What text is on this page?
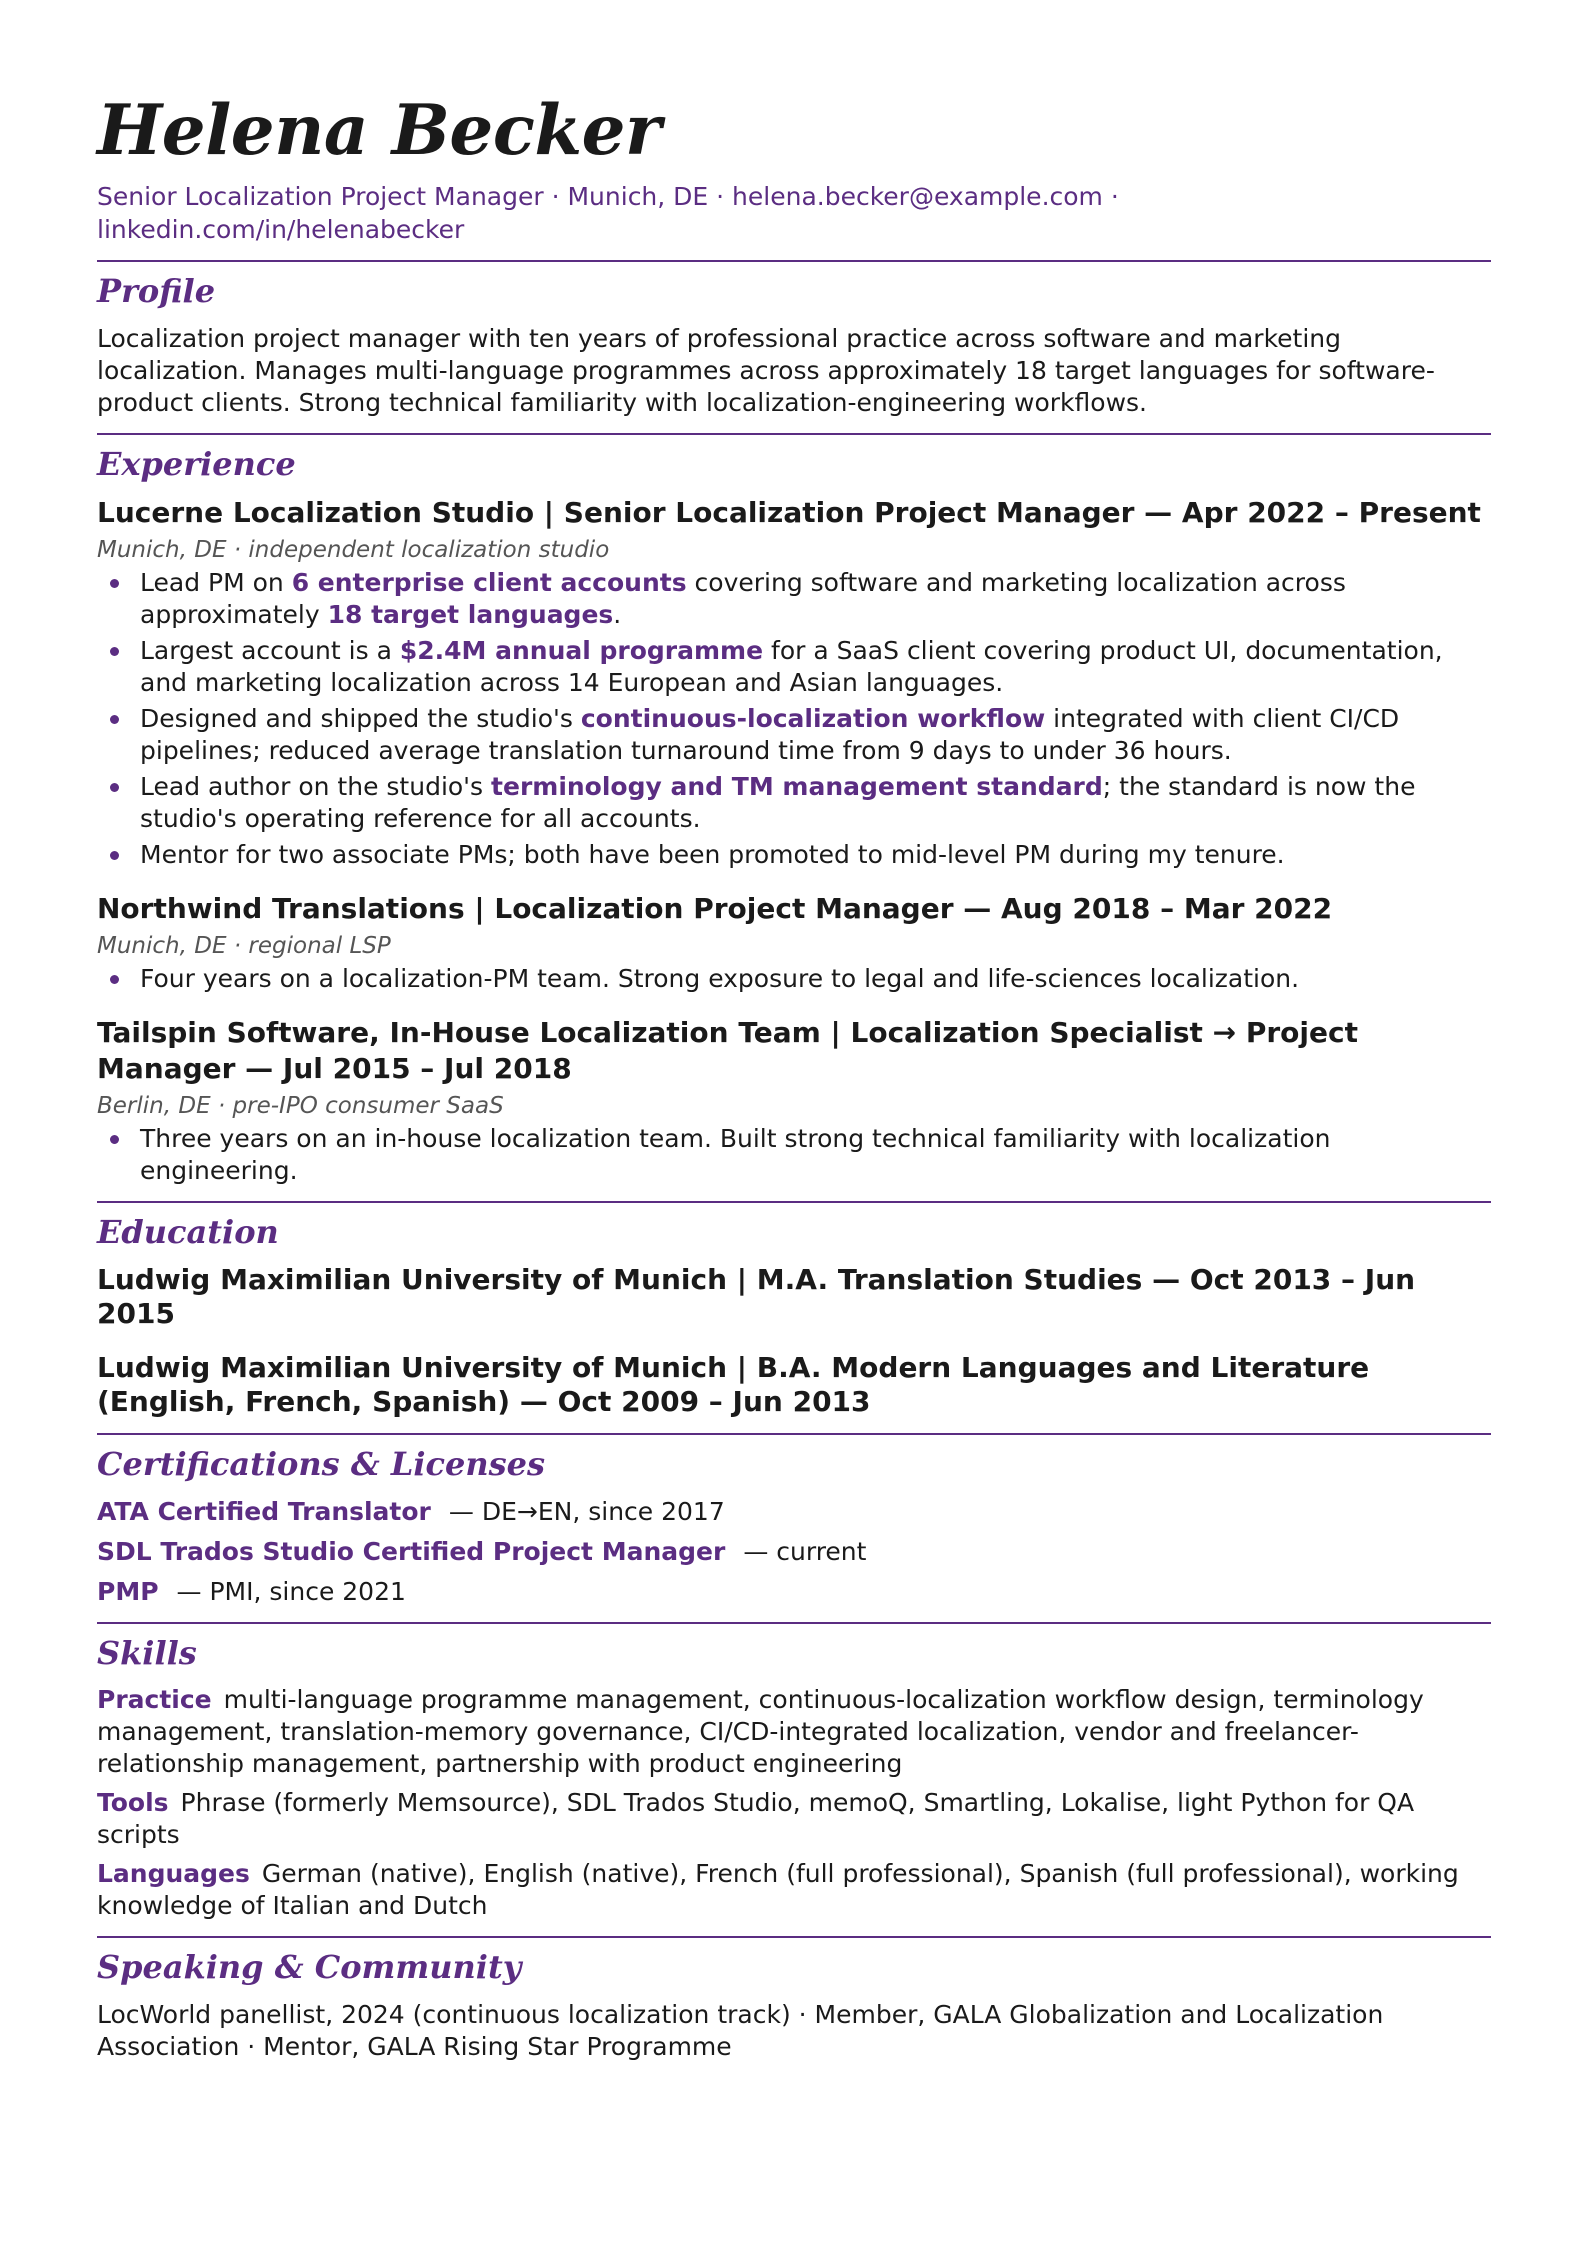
Helena Becker
Senior Localization Project Manager · Munich, DE · helena.becker@example.com · linkedin.com/in/helenabecker
Profile

Localization project manager with ten years of professional practice across software and marketing localization. Manages multi-language programmes across approximately 18 target languages for software-product clients. Strong technical familiarity with localization-engineering workflows.

Experience
Lucerne Localization Studio | Senior Localization Project Manager — Apr 2022 – Present
Munich, DE · independent localization studio
Lead PM on 6 enterprise client accounts covering software and marketing localization across approximately 18 target languages.
Largest account is a $2.4M annual programme for a SaaS client covering product UI, documentation, and marketing localization across 14 European and Asian languages.
Designed and shipped the studio's continuous-localization workflow integrated with client CI/CD pipelines; reduced average translation turnaround time from 9 days to under 36 hours.
Lead author on the studio's terminology and TM management standard; the standard is now the studio's operating reference for all accounts.
Mentor for two associate PMs; both have been promoted to mid-level PM during my tenure.
Northwind Translations | Localization Project Manager — Aug 2018 – Mar 2022
Munich, DE · regional LSP
Four years on a localization-PM team. Strong exposure to legal and life-sciences localization.
Tailspin Software, In-House Localization Team | Localization Specialist → Project Manager — Jul 2015 – Jul 2018
Berlin, DE · pre-IPO consumer SaaS
Three years on an in-house localization team. Built strong technical familiarity with localization engineering.
Education
Ludwig Maximilian University of Munich | M.A. Translation Studies — Oct 2013 – Jun 2015
Ludwig Maximilian University of Munich | B.A. Modern Languages and Literature (English, French, Spanish) — Oct 2009 – Jun 2013
Certifications & Licenses
ATA Certified Translator — DE→EN, since 2017
SDL Trados Studio Certified Project Manager — current
PMP — PMI, since 2021
Skills
Practice multi-language programme management, continuous-localization workflow design, terminology management, translation-memory governance, CI/CD-integrated localization, vendor and freelancer-relationship management, partnership with product engineering
Tools Phrase (formerly Memsource), SDL Trados Studio, memoQ, Smartling, Lokalise, light Python for QA scripts
Languages German (native), English (native), French (full professional), Spanish (full professional), working knowledge of Italian and Dutch
Speaking & Community

LocWorld panellist, 2024 (continuous localization track) · Member, GALA Globalization and Localization Association · Mentor, GALA Rising Star Programme
